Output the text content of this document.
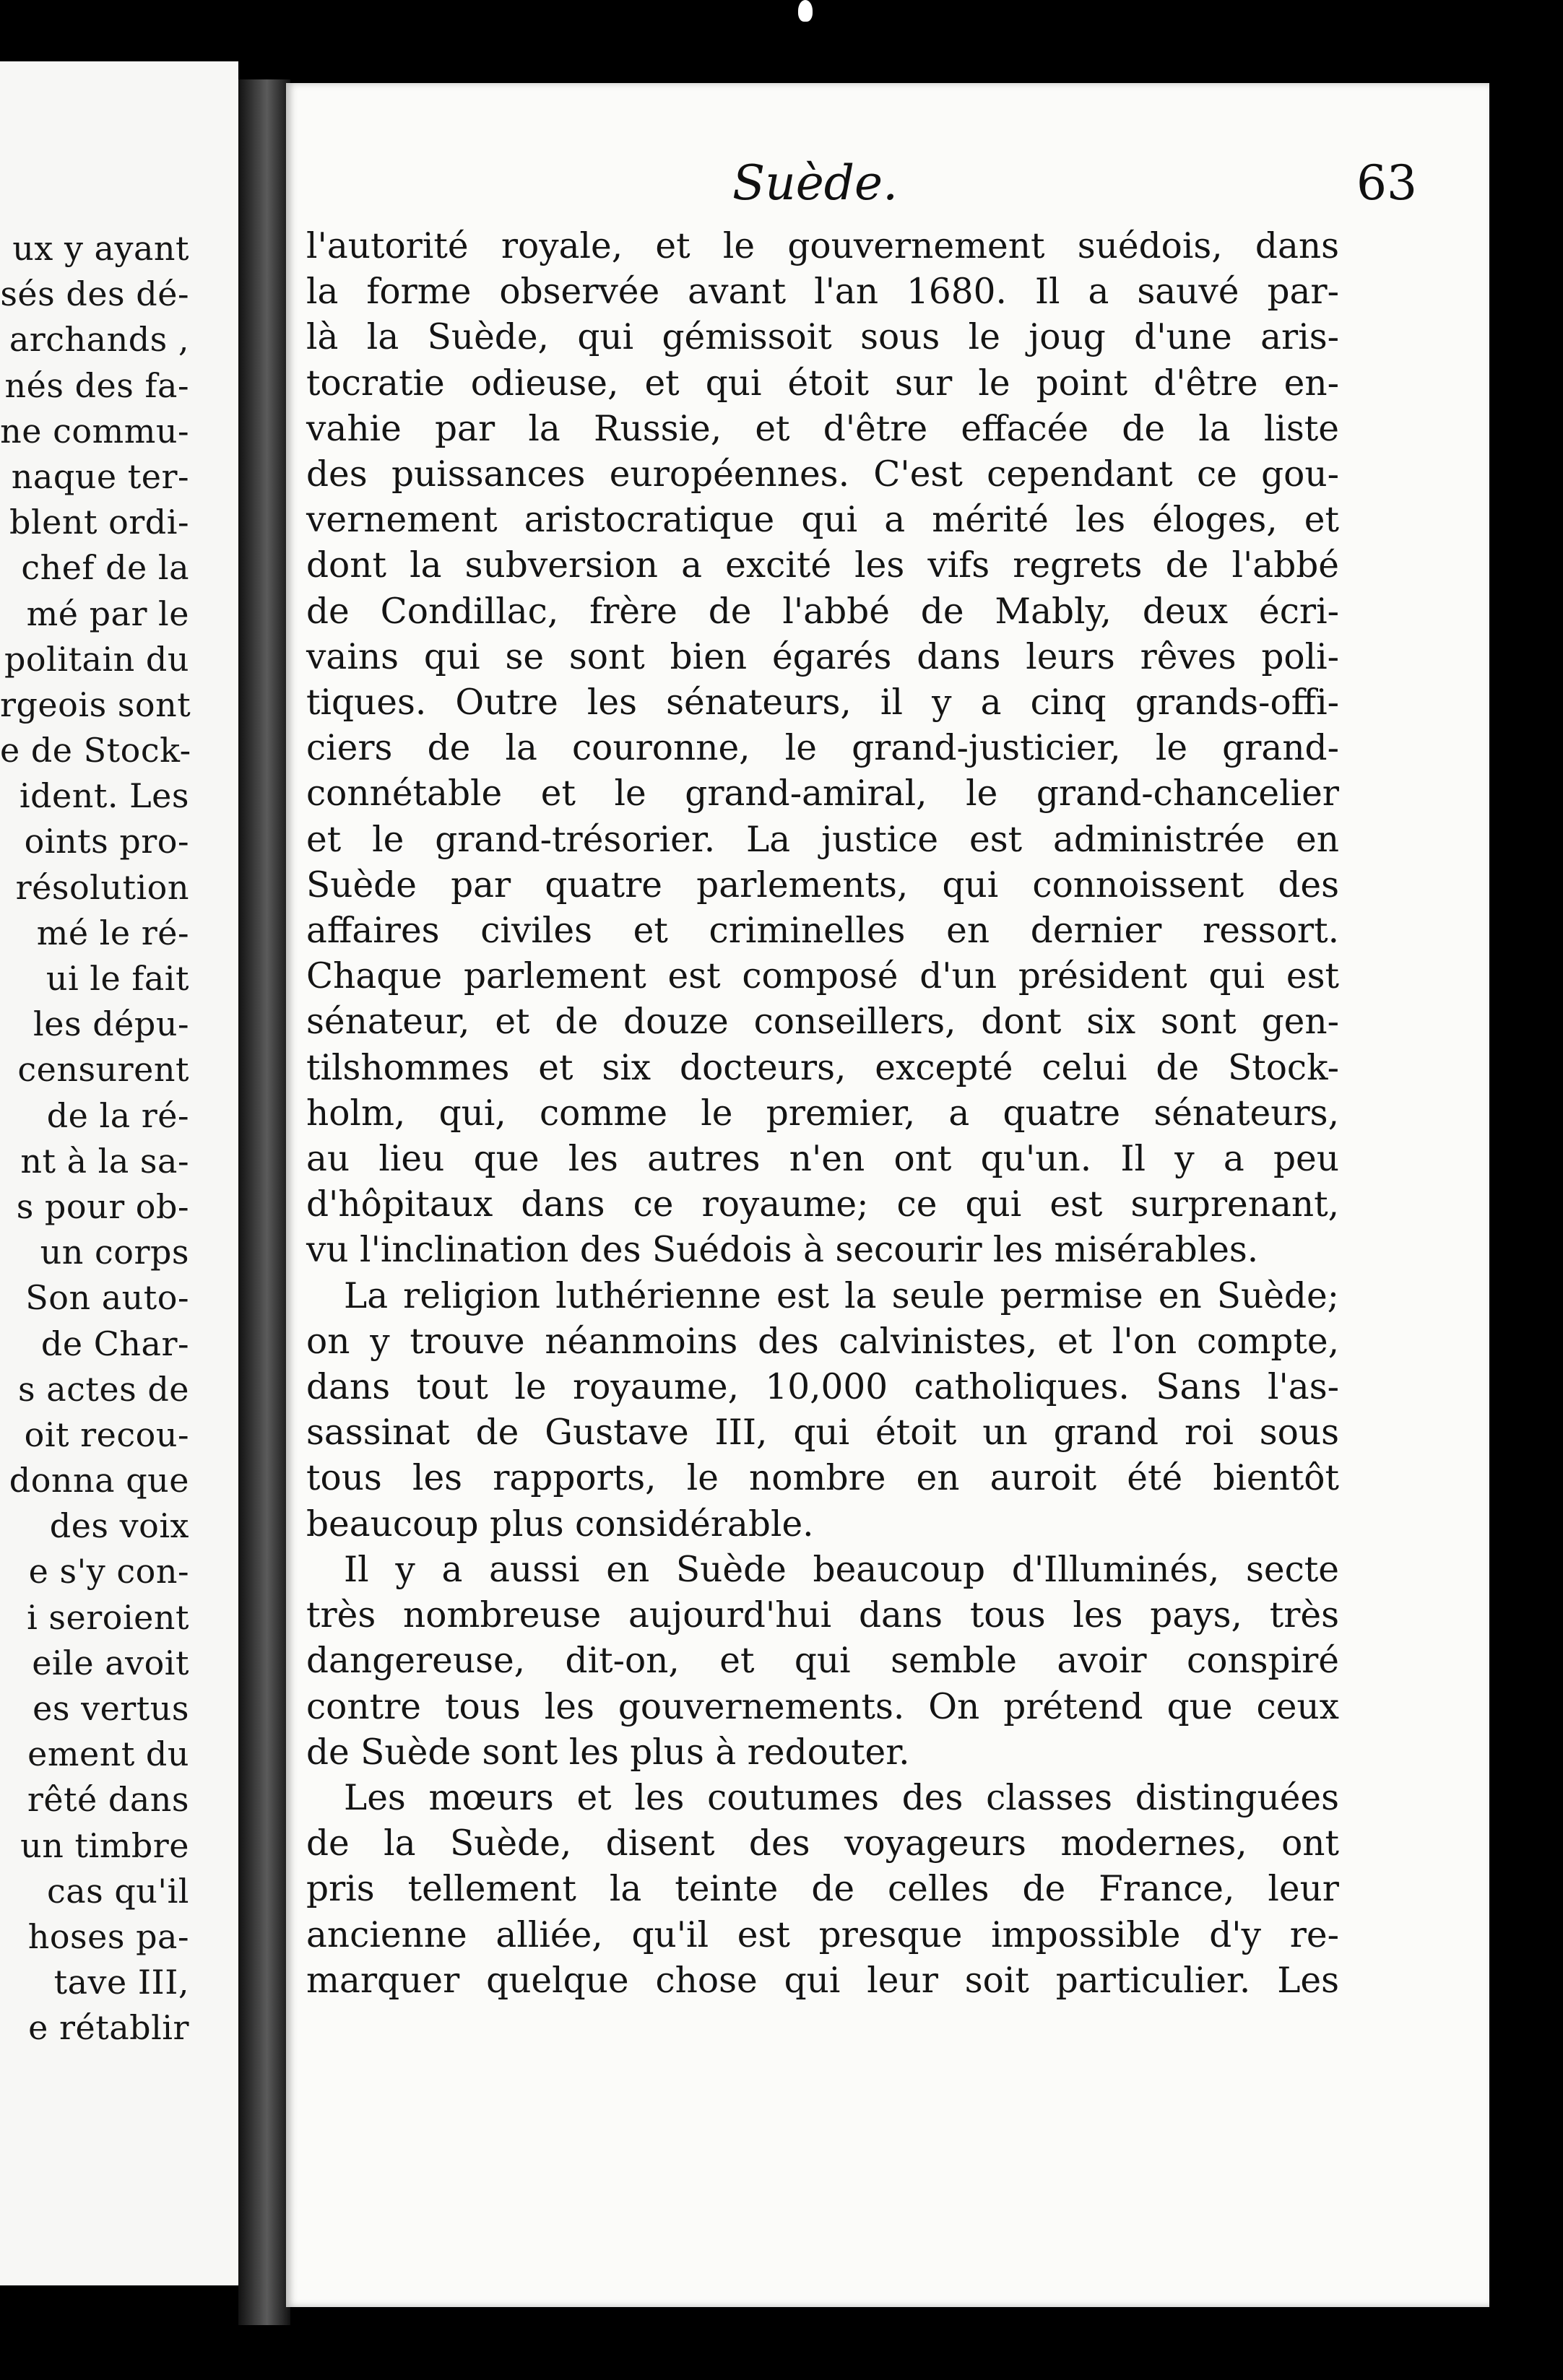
ux y ayant
sés des dé-
archands ,
nés des fa-
ne commu-
naque ter-
blent ordi-
chef de la
mé par le
politain du
rgeois sont
e de Stock-
ident. Les
oints pro-
résolution
mé le ré-
ui le fait
les dépu-
censurent
de la ré-
nt à la sa-
s pour ob-
un corps
Son auto-
de Char-
s actes de
oit recou-
donna que
des voix
e s'y con-
i seroient
eile avoit
es vertus
ement du
rêté dans
un timbre
cas qu'il
hoses pa-
tave III,
e rétablir
Suède.	63

l'autorité royale, et le gouvernement suédois, dans

la forme observée avant l'an 1680. Il a sauvé par-

là la Suède, qui gémissoit sous le joug d'une aris-

tocratie odieuse, et qui étoit sur le point d'être en-

vahie par la Russie, et d'être effacée de la liste

des puissances européennes. C'est cependant ce gou-

vernement aristocratique qui a mérité les éloges, et

dont la subversion a excité les vifs regrets de l'abbé

de Condillac, frère de l'abbé de Mably, deux écri-

vains qui se sont bien égarés dans leurs rêves poli-

tiques. Outre les sénateurs, il y a cinq grands-offi-

ciers de la couronne, le grand-justicier, le grand-

connétable et le grand-amiral, le grand-chancelier

et le grand-trésorier. La justice est administrée en

Suède par quatre parlements, qui connoissent des

affaires civiles et criminelles en dernier ressort.

Chaque parlement est composé d'un président qui est

sénateur, et de douze conseillers, dont six sont gen-

tilshommes et six docteurs, excepté celui de Stock-

holm, qui, comme le premier, a quatre sénateurs,

au lieu que les autres n'en ont qu'un. Il y a peu

d'hôpitaux dans ce royaume; ce qui est surprenant,

vu l'inclination des Suédois à secourir les misérables.

La religion luthérienne est la seule permise en Suède;

on y trouve néanmoins des calvinistes, et l'on compte,

dans tout le royaume, 10,000 catholiques. Sans l'as-

sassinat de Gustave III, qui étoit un grand roi sous

tous les rapports, le nombre en auroit été bientôt

beaucoup plus considérable.

Il y a aussi en Suède beaucoup d'Illuminés, secte

très nombreuse aujourd'hui dans tous les pays, très

dangereuse, dit-on, et qui semble avoir conspiré

contre tous les gouvernements. On prétend que ceux

de Suède sont les plus à redouter.

Les mœurs et les coutumes des classes distinguées

de la Suède, disent des voyageurs modernes, ont

pris tellement la teinte de celles de France, leur

ancienne alliée, qu'il est presque impossible d'y re-

marquer quelque chose qui leur soit particulier. Les
